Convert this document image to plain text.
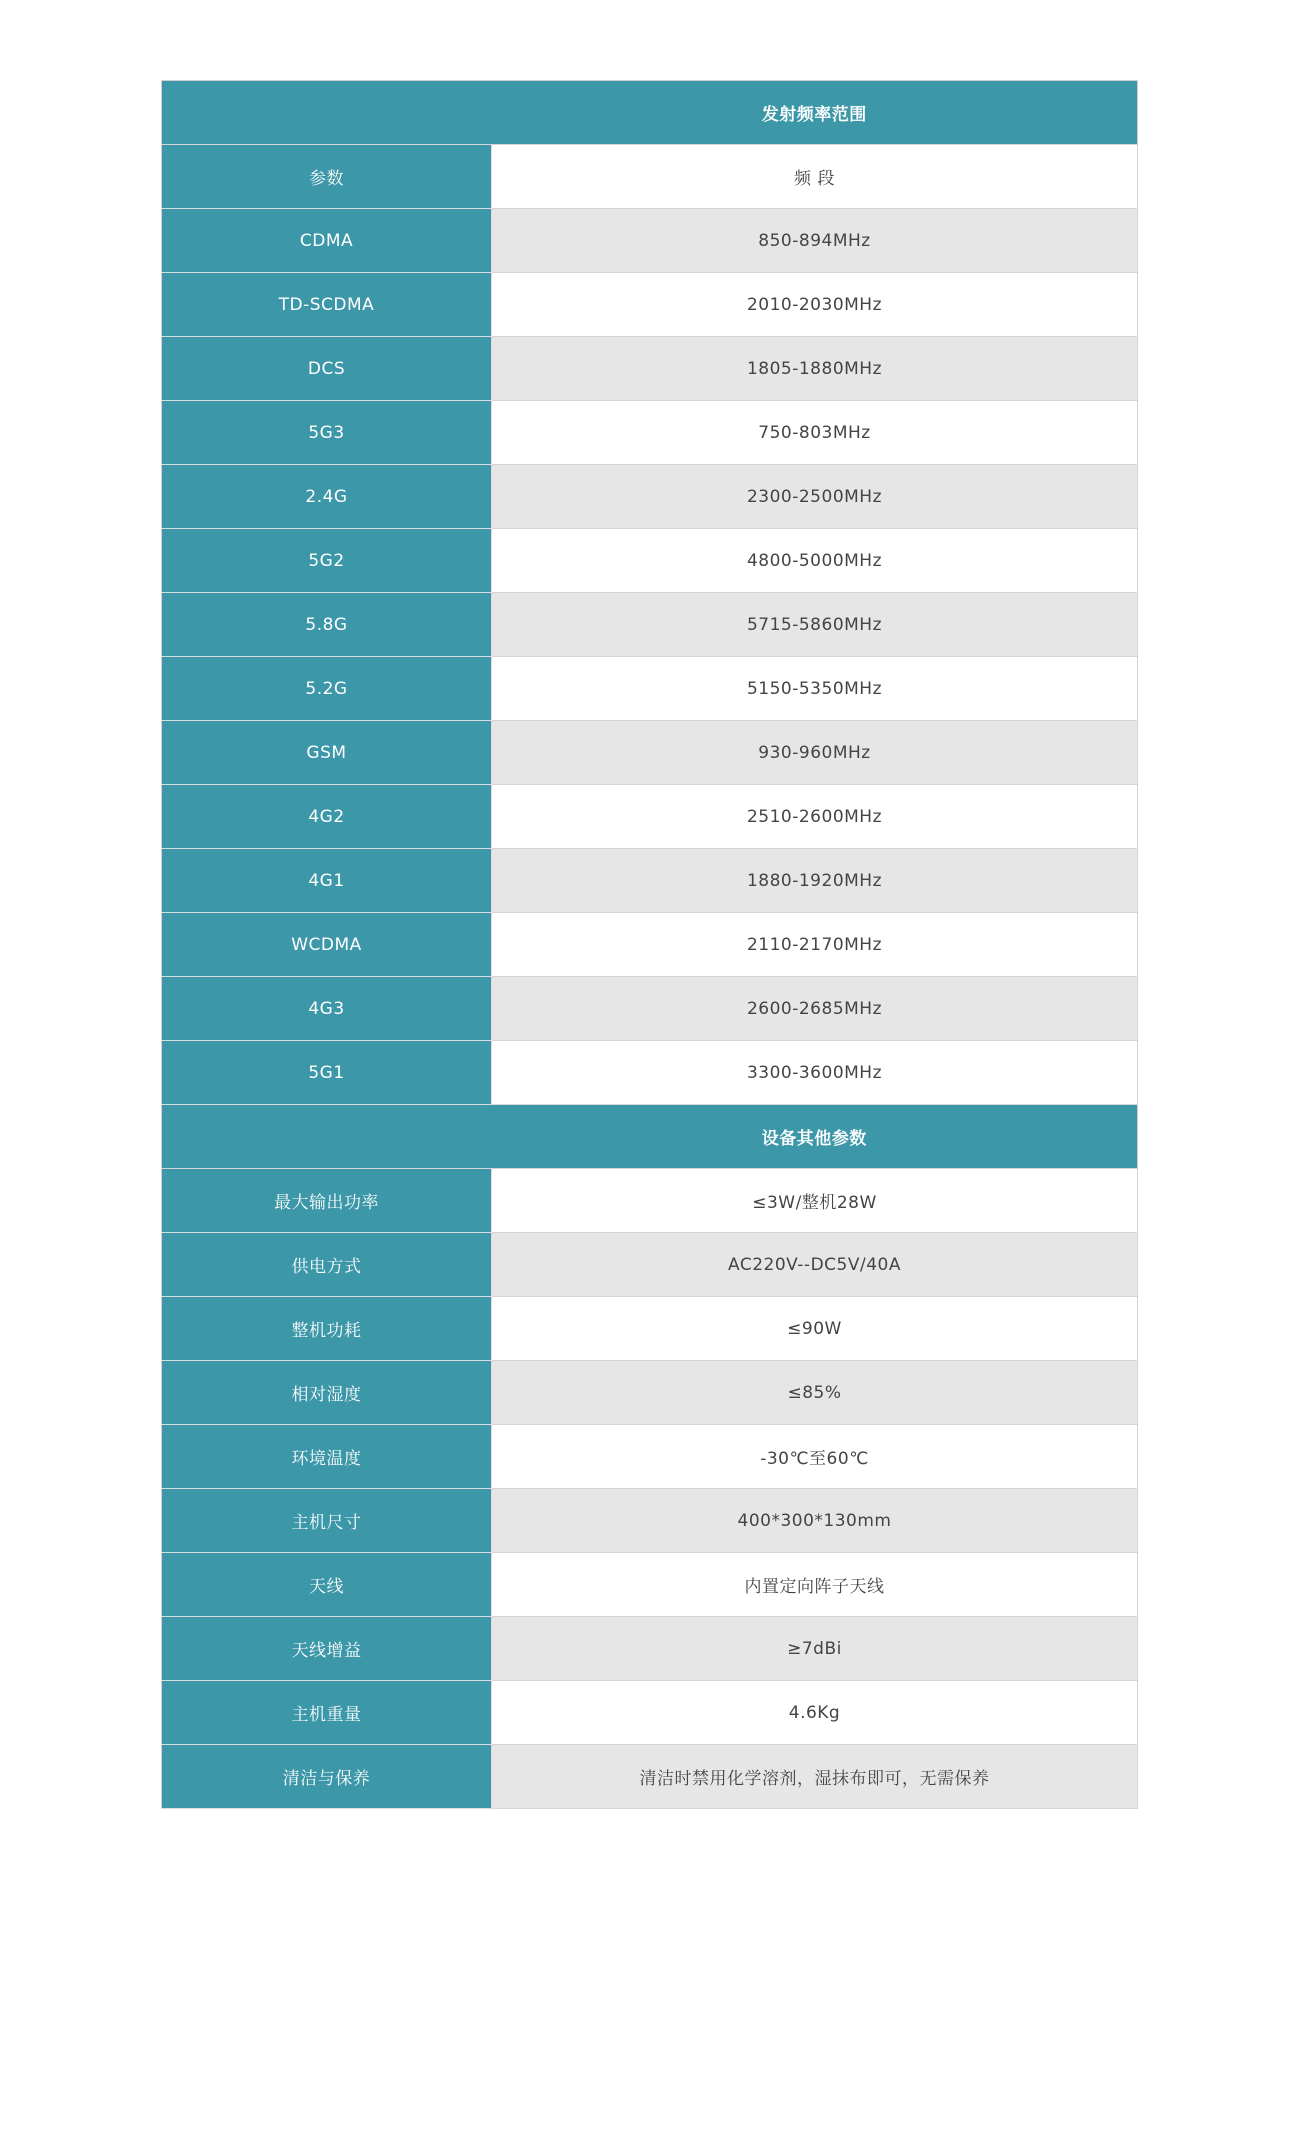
	发射频率范围
参数	频 段
CDMA	850-894MHz
TD-SCDMA	2010-2030MHz
DCS	1805-1880MHz
5G3	750-803MHz
2.4G	2300-2500MHz
5G2	4800-5000MHz
5.8G	5715-5860MHz
5.2G	5150-5350MHz
GSM	930-960MHz
4G2	2510-2600MHz
4G1	1880-1920MHz
WCDMA	2110-2170MHz
4G3	2600-2685MHz
5G1	3300-3600MHz
	设备其他参数
最大输出功率	≤3W/整机28W
供电方式	AC220V--DC5V/40A
整机功耗	≤90W
相对湿度	≤85%
环境温度	-30℃至60℃
主机尺寸	400*300*130mm
天线	内置定向阵子天线
天线增益	≥7dBi
主机重量	4.6Kg
清洁与保养	清洁时禁用化学溶剂，湿抹布即可，无需保养
